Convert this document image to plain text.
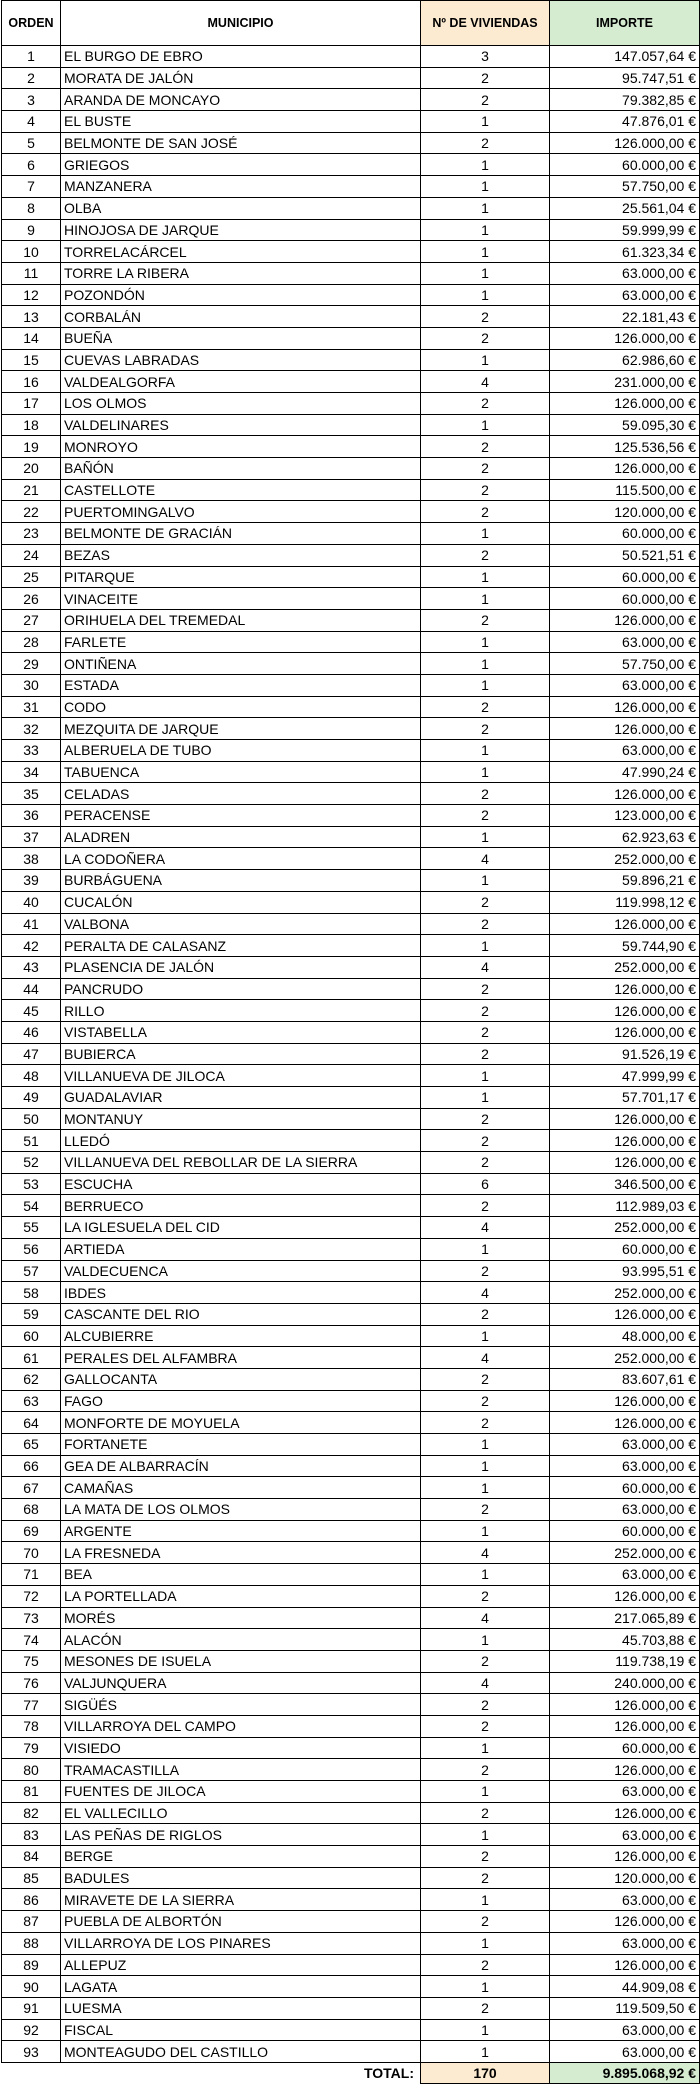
ORDEN	MUNICIPIO	Nº DE VIVIENDAS	IMPORTE
1	EL BURGO DE EBRO	3	147.057,64 €
2	MORATA DE JALÓN	2	95.747,51 €
3	ARANDA DE MONCAYO	2	79.382,85 €
4	EL BUSTE	1	47.876,01 €
5	BELMONTE DE SAN JOSÉ	2	126.000,00 €
6	GRIEGOS	1	60.000,00 €
7	MANZANERA	1	57.750,00 €
8	OLBA	1	25.561,04 €
9	HINOJOSA DE JARQUE	1	59.999,99 €
10	TORRELACÁRCEL	1	61.323,34 €
11	TORRE LA RIBERA	1	63.000,00 €
12	POZONDÓN	1	63.000,00 €
13	CORBALÁN	2	22.181,43 €
14	BUEÑA	2	126.000,00 €
15	CUEVAS LABRADAS	1	62.986,60 €
16	VALDEALGORFA	4	231.000,00 €
17	LOS OLMOS	2	126.000,00 €
18	VALDELINARES	1	59.095,30 €
19	MONROYO	2	125.536,56 €
20	BAÑÓN	2	126.000,00 €
21	CASTELLOTE	2	115.500,00 €
22	PUERTOMINGALVO	2	120.000,00 €
23	BELMONTE DE GRACIÁN	1	60.000,00 €
24	BEZAS	2	50.521,51 €
25	PITARQUE	1	60.000,00 €
26	VINACEITE	1	60.000,00 €
27	ORIHUELA DEL TREMEDAL	2	126.000,00 €
28	FARLETE	1	63.000,00 €
29	ONTIÑENA	1	57.750,00 €
30	ESTADA	1	63.000,00 €
31	CODO	2	126.000,00 €
32	MEZQUITA DE JARQUE	2	126.000,00 €
33	ALBERUELA DE TUBO	1	63.000,00 €
34	TABUENCA	1	47.990,24 €
35	CELADAS	2	126.000,00 €
36	PERACENSE	2	123.000,00 €
37	ALADREN	1	62.923,63 €
38	LA CODOÑERA	4	252.000,00 €
39	BURBÁGUENA	1	59.896,21 €
40	CUCALÓN	2	119.998,12 €
41	VALBONA	2	126.000,00 €
42	PERALTA DE CALASANZ	1	59.744,90 €
43	PLASENCIA DE JALÓN	4	252.000,00 €
44	PANCRUDO	2	126.000,00 €
45	RILLO	2	126.000,00 €
46	VISTABELLA	2	126.000,00 €
47	BUBIERCA	2	91.526,19 €
48	VILLANUEVA DE JILOCA	1	47.999,99 €
49	GUADALAVIAR	1	57.701,17 €
50	MONTANUY	2	126.000,00 €
51	LLEDÓ	2	126.000,00 €
52	VILLANUEVA DEL REBOLLAR DE LA SIERRA	2	126.000,00 €
53	ESCUCHA	6	346.500,00 €
54	BERRUECO	2	112.989,03 €
55	LA IGLESUELA DEL CID	4	252.000,00 €
56	ARTIEDA	1	60.000,00 €
57	VALDECUENCA	2	93.995,51 €
58	IBDES	4	252.000,00 €
59	CASCANTE DEL RIO	2	126.000,00 €
60	ALCUBIERRE	1	48.000,00 €
61	PERALES DEL ALFAMBRA	4	252.000,00 €
62	GALLOCANTA	2	83.607,61 €
63	FAGO	2	126.000,00 €
64	MONFORTE DE MOYUELA	2	126.000,00 €
65	FORTANETE	1	63.000,00 €
66	GEA DE ALBARRACÍN	1	63.000,00 €
67	CAMAÑAS	1	60.000,00 €
68	LA MATA DE LOS OLMOS	2	63.000,00 €
69	ARGENTE	1	60.000,00 €
70	LA FRESNEDA	4	252.000,00 €
71	BEA	1	63.000,00 €
72	LA PORTELLADA	2	126.000,00 €
73	MORÉS	4	217.065,89 €
74	ALACÓN	1	45.703,88 €
75	MESONES DE ISUELA	2	119.738,19 €
76	VALJUNQUERA	4	240.000,00 €
77	SIGÜÉS	2	126.000,00 €
78	VILLARROYA DEL CAMPO	2	126.000,00 €
79	VISIEDO	1	60.000,00 €
80	TRAMACASTILLA	2	126.000,00 €
81	FUENTES DE JILOCA	1	63.000,00 €
82	EL VALLECILLO	2	126.000,00 €
83	LAS PEÑAS DE RIGLOS	1	63.000,00 €
84	BERGE	2	126.000,00 €
85	BADULES	2	120.000,00 €
86	MIRAVETE DE LA SIERRA	1	63.000,00 €
87	PUEBLA DE ALBORTÓN	2	126.000,00 €
88	VILLARROYA DE LOS PINARES	1	63.000,00 €
89	ALLEPUZ	2	126.000,00 €
90	LAGATA	1	44.909,08 €
91	LUESMA	2	119.509,50 €
92	FISCAL	1	63.000,00 €
93	MONTEAGUDO DEL CASTILLO	1	63.000,00 €
	TOTAL:	170	9.895.068,92 €
